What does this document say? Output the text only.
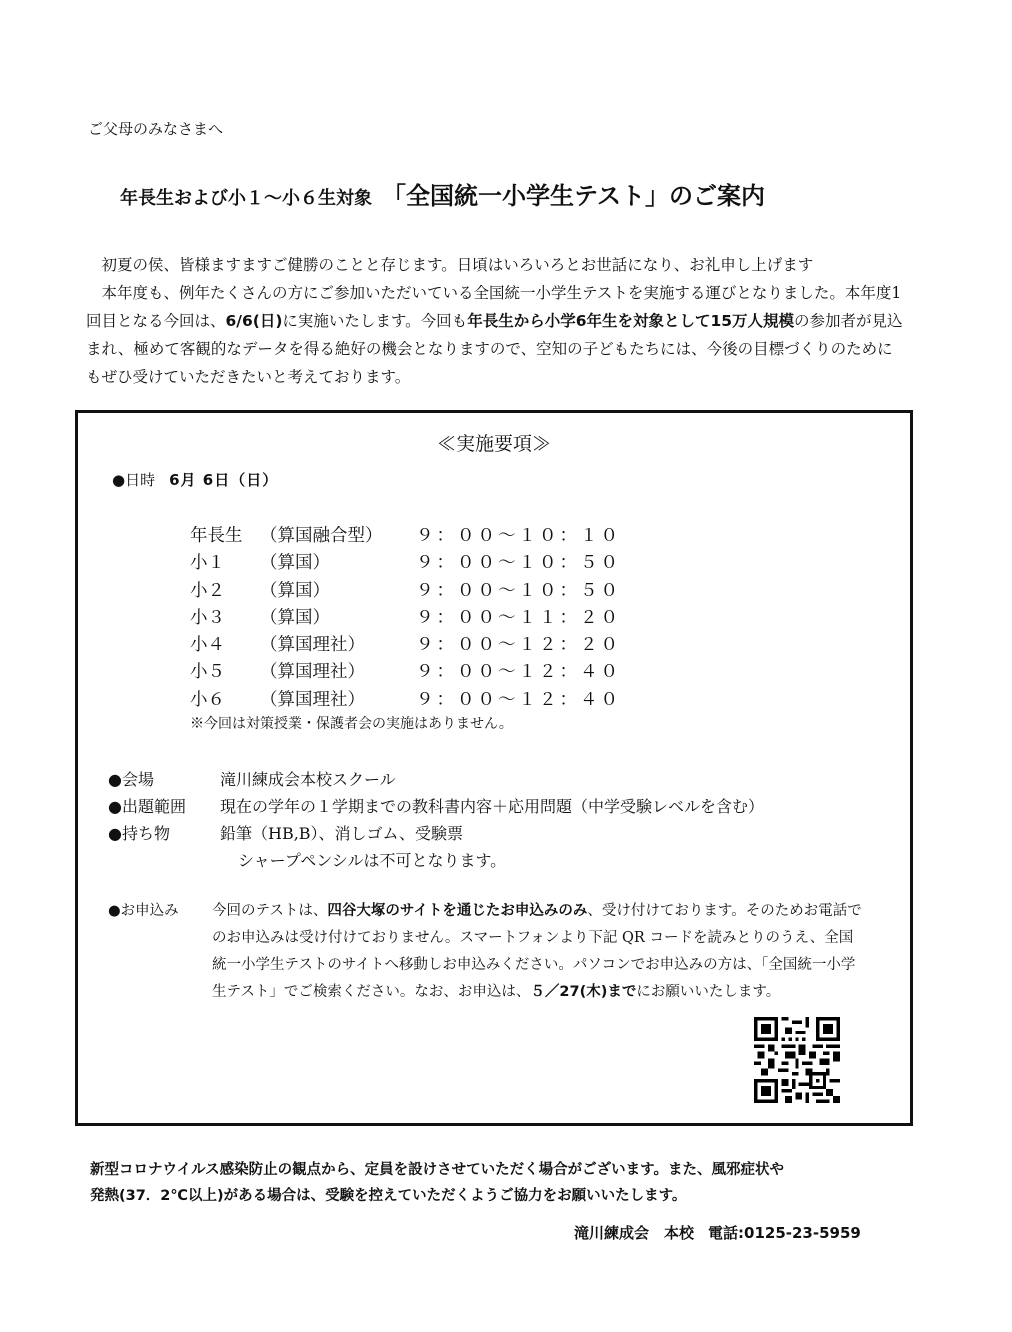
ご父母のみなさまへ
年長生および小１～小６生対象 「全国統一小学生テスト」のご案内

　初夏の侯、皆様ますますご健勝のことと存じます。日頃はいろいろとお世話になり、お礼申し上げます

　本年度も、例年たくさんの方にご参加いただいている全国統一小学生テストを実施する運びとなりました。本年度1回目となる今回は、6/6(日)に実施いたします。今回も年長生から小学6年生を対象として15万人規模の参加者が見込まれ、極めて客観的なデータを得る絶好の機会となりますので、空知の子どもたちには、今後の目標づくりのためにもぜひ受けていただきたいと考えております。

≪実施要項≫
●日時 6月 6日（日）
年長生	（算国融合型）	９：００～１０：１０
小１	（算国）	９：００～１０：５０
小２	（算国）	９：００～１０：５０
小３	（算国）	９：００～１１：２０
小４	（算国理社）	９：００～１２：２０
小５	（算国理社）	９：００～１２：４０
小６	（算国理社）	９：００～１２：４０
※今回は対策授業・保護者会の実施はありません。
●会場	滝川練成会本校スクール
●出題範囲 現在の学年の１学期までの教科書内容＋応用問題（中学受験レベルを含む）
●持ち物	鉛筆（HB,B）、消しゴム、受験票
シャープペンシルは不可となります。
●お申込み 今回のテストは、四谷大塚のサイトを通じたお申込みのみ、受け付けております。そのためお電話でのお申込みは受け付けておりません。スマートフォンより下記 QR コードを読みとりのうえ、全国統一小学生テストのサイトへ移動しお申込みください。パソコンでお申込みの方は、「全国統一小学生テスト」でご検索ください。なお、お申込は、５／27(木)までにお願いいたします。

新型コロナウイルス感染防止の観点から、定員を設けさせていただく場合がございます。また、風邪症状や

発熱(37．2℃以上)がある場合は、受験を控えていただくようご協力をお願いいたします。

滝川練成会　本校 電話:0125-23-5959
